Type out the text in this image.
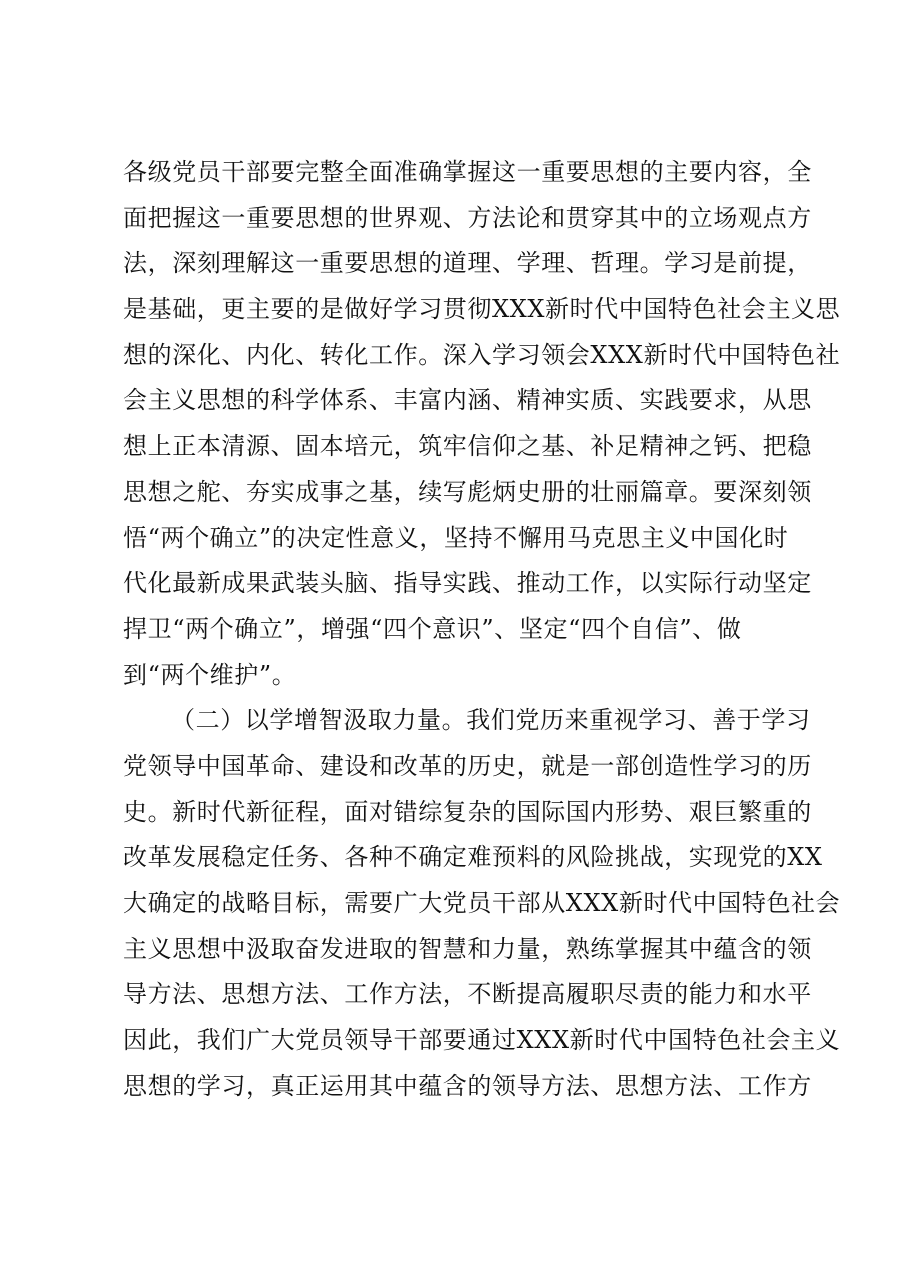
各级党员干部要完整全面准确掌握这一重要思想的主要内容，全
面把握这一重要思想的世界观、方法论和贯穿其中的立场观点方
法，深刻理解这一重要思想的道理、学理、哲理。学习是前提，
是基础，更主要的是做好学习贯彻XXX新时代中国特色社会主义思
想的深化、内化、转化工作。深入学习领会XXX新时代中国特色社
会主义思想的科学体系、丰富内涵、精神实质、实践要求，从思
想上正本清源、固本培元，筑牢信仰之基、补足精神之钙、把稳
思想之舵、夯实成事之基，续写彪炳史册的壮丽篇章。要深刻领
悟“两个确立”的决定性意义，坚持不懈用马克思主义中国化时
代化最新成果武装头脑、指导实践、推动工作，以实际行动坚定
捍卫“两个确立”，增强“四个意识”、坚定“四个自信”、做
到“两个维护”。
（二）以学增智汲取力量。我们党历来重视学习、善于学习
党领导中国革命、建设和改革的历史，就是一部创造性学习的历
史。新时代新征程，面对错综复杂的国际国内形势、艰巨繁重的
改革发展稳定任务、各种不确定难预料的风险挑战，实现党的XX
大确定的战略目标，需要广大党员干部从XXX新时代中国特色社会
主义思想中汲取奋发进取的智慧和力量，熟练掌握其中蕴含的领
导方法、思想方法、工作方法，不断提高履职尽责的能力和水平
因此，我们广大党员领导干部要通过XXX新时代中国特色社会主义
思想的学习，真正运用其中蕴含的领导方法、思想方法、工作方
